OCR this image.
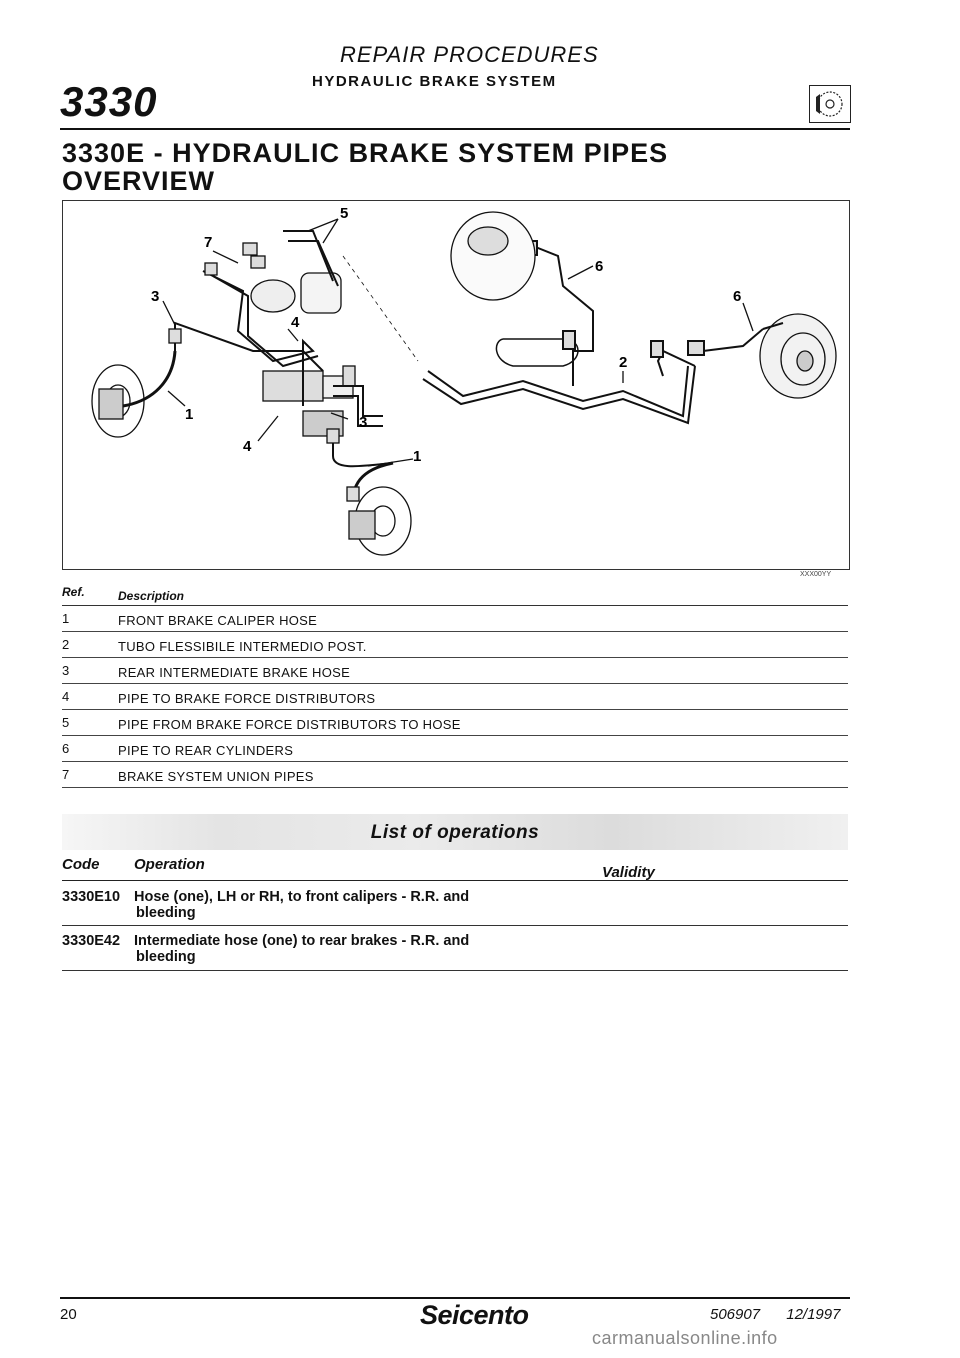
3330
REPAIR PROCEDURES
HYDRAULIC BRAKE SYSTEM
3330E - HYDRAULIC BRAKE SYSTEM PIPES
OVERVIEW
3
1
7
5
4
3
4
1
6
2
6
XXX00YY
Ref.	Description
1	FRONT BRAKE CALIPER HOSE
2	TUBO FLESSIBILE INTERMEDIO POST.
3	REAR INTERMEDIATE BRAKE HOSE
4	PIPE TO BRAKE FORCE DISTRIBUTORS
5	PIPE FROM BRAKE FORCE DISTRIBUTORS TO HOSE
6	PIPE TO REAR CYLINDERS
7	BRAKE SYSTEM UNION PIPES
List of operations
Code Operation	Validity
3330E10 Hose (one), LH or RH, to front calipers - R.R. and
bleeding
3330E42 Intermediate hose (one) to rear brakes - R.R. and
bleeding
20	Seicento	506907 12/1997
carmanualsonline.info
